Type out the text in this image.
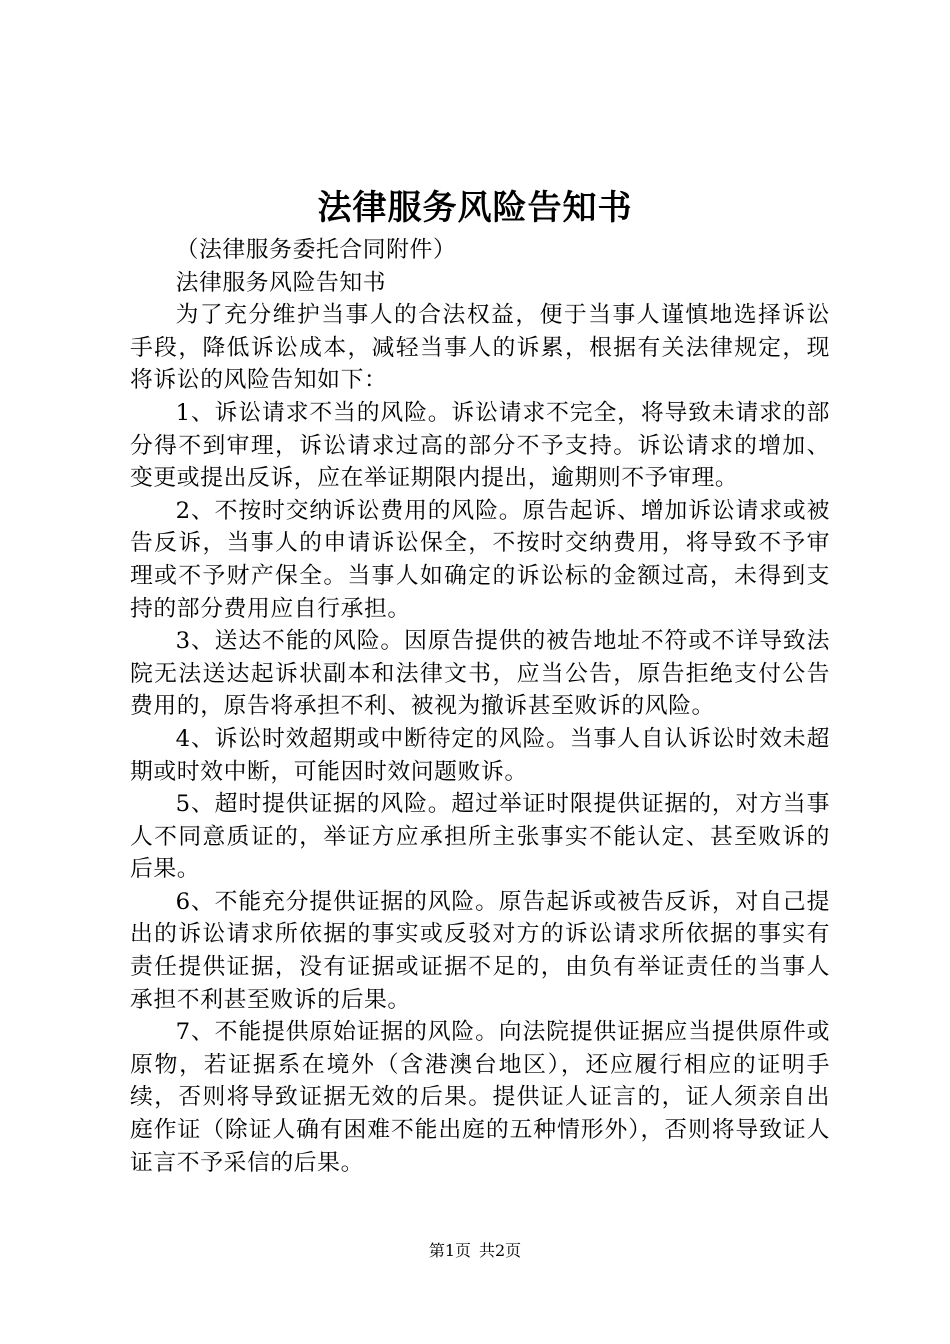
法律服务风险告知书

（法律服务委托合同附件）

法律服务风险告知书

为了充分维护当事人的合法权益，便于当事人谨慎地选择诉讼手段，降低诉讼成本，减轻当事人的诉累，根据有关法律规定，现将诉讼的风险告知如下：

1、诉讼请求不当的风险。诉讼请求不完全，将导致未请求的部分得不到审理，诉讼请求过高的部分不予支持。诉讼请求的增加、变更或提出反诉，应在举证期限内提出，逾期则不予审理。

2、不按时交纳诉讼费用的风险。原告起诉、增加诉讼请求或被告反诉，当事人的申请诉讼保全，不按时交纳费用，将导致不予审理或不予财产保全。当事人如确定的诉讼标的金额过高，未得到支持的部分费用应自行承担。

3、送达不能的风险。因原告提供的被告地址不符或不详导致法院无法送达起诉状副本和法律文书，应当公告，原告拒绝支付公告费用的，原告将承担不利、被视为撤诉甚至败诉的风险。

4、诉讼时效超期或中断待定的风险。当事人自认诉讼时效未超期或时效中断，可能因时效问题败诉。

5、超时提供证据的风险。超过举证时限提供证据的，对方当事人不同意质证的，举证方应承担所主张事实不能认定、甚至败诉的后果。

6、不能充分提供证据的风险。原告起诉或被告反诉，对自己提出的诉讼请求所依据的事实或反驳对方的诉讼请求所依据的事实有责任提供证据，没有证据或证据不足的，由负有举证责任的当事人承担不利甚至败诉的后果。

7、不能提供原始证据的风险。向法院提供证据应当提供原件或原物，若证据系在境外（含港澳台地区），还应履行相应的证明手续，否则将导致证据无效的后果。提供证人证言的，证人须亲自出庭作证（除证人确有困难不能出庭的五种情形外），否则将导致证人证言不予采信的后果。

第1页 共2页
